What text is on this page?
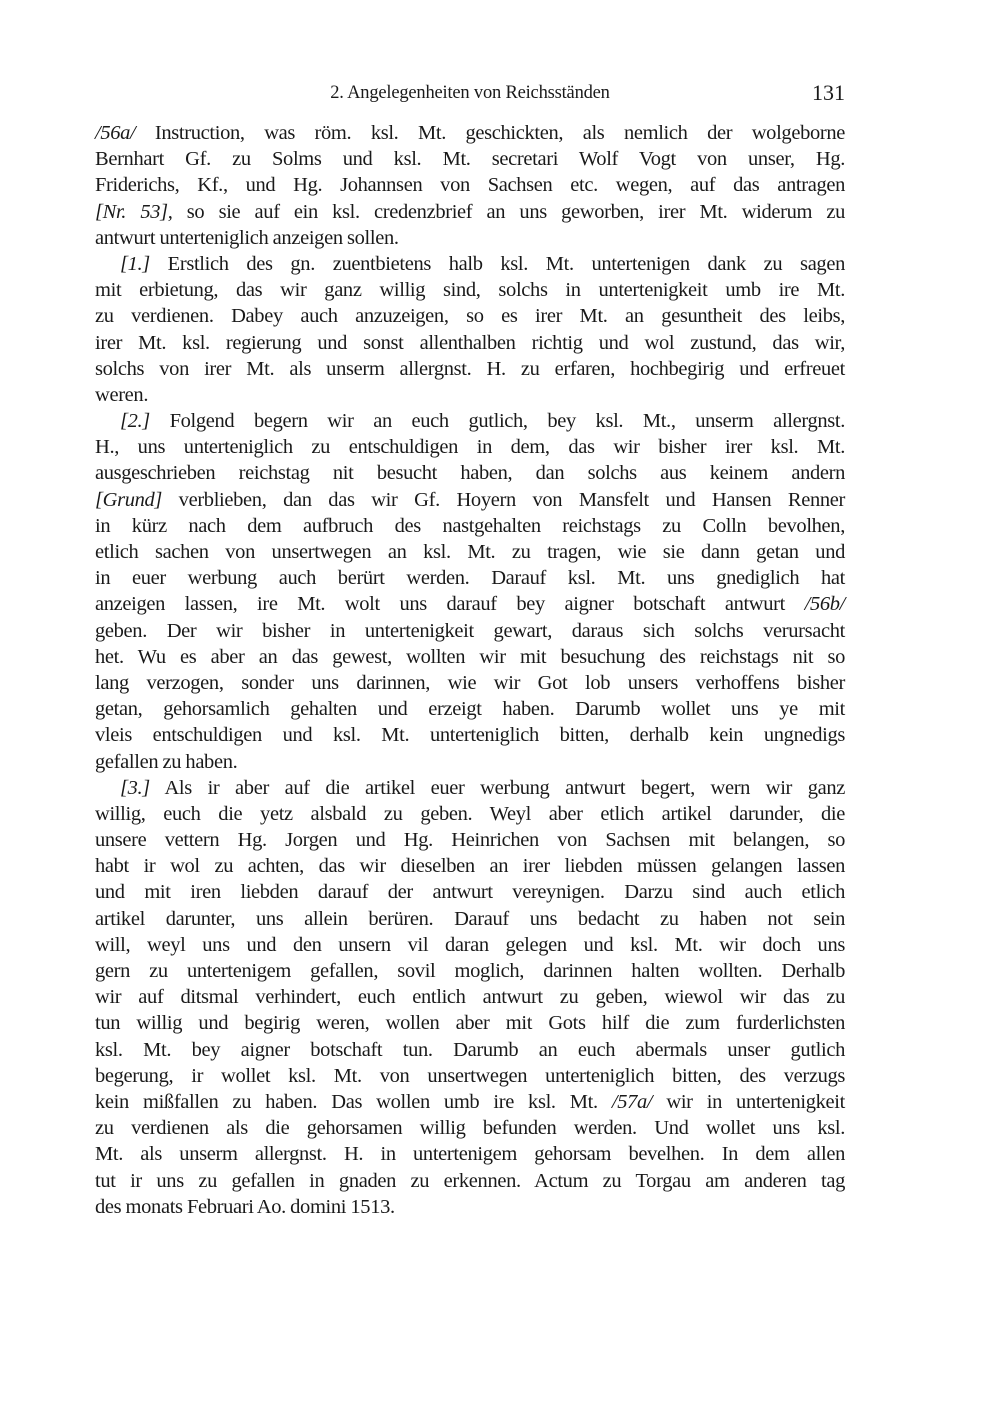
2. Angelegenheiten von Reichsständen	131
/56a/ Instruction, was röm. ksl. Mt. geschickten, als nemlich der wolgeborne
Bernhart Gf. zu Solms und ksl. Mt. secretari Wolf Vogt von unser, Hg.
Friderichs, Kf., und Hg. Johannsen von Sachsen etc. wegen, auf das antragen
[Nr. 53], so sie auf ein ksl. credenzbrief an uns geworben, irer Mt. widerum zu
antwurt unterteniglich anzeigen sollen.
[1.] Erstlich des gn. zuentbietens halb ksl. Mt. untertenigen dank zu sagen
mit erbietung, das wir ganz willig sind, solchs in untertenigkeit umb ire Mt.
zu verdienen. Dabey auch anzuzeigen, so es irer Mt. an gesuntheit des leibs,
irer Mt. ksl. regierung und sonst allenthalben richtig und wol zustund, das wir,
solchs von irer Mt. als unserm allergnst. H. zu erfaren, hochbegirig und erfreuet
weren.
[2.] Folgend begern wir an euch gutlich, bey ksl. Mt., unserm allergnst.
H., uns unterteniglich zu entschuldigen in dem, das wir bisher irer ksl. Mt.
ausgeschrieben reichstag nit besucht haben, dan solchs aus keinem andern
[Grund] verblieben, dan das wir Gf. Hoyern von Mansfelt und Hansen Renner
in kürz nach dem aufbruch des nastgehalten reichstags zu Colln bevolhen,
etlich sachen von unsertwegen an ksl. Mt. zu tragen, wie sie dann getan und
in euer werbung auch berürt werden. Darauf ksl. Mt. uns gnediglich hat
anzeigen lassen, ire Mt. wolt uns darauf bey aigner botschaft antwurt /56b/
geben. Der wir bisher in untertenigkeit gewart, daraus sich solchs verursacht
het. Wu es aber an das gewest, wollten wir mit besuchung des reichstags nit so
lang verzogen, sonder uns darinnen, wie wir Got lob unsers verhoffens bisher
getan, gehorsamlich gehalten und erzeigt haben. Darumb wollet uns ye mit
vleis entschuldigen und ksl. Mt. unterteniglich bitten, derhalb kein ungnedigs
gefallen zu haben.
[3.] Als ir aber auf die artikel euer werbung antwurt begert, wern wir ganz
willig, euch die yetz alsbald zu geben. Weyl aber etlich artikel darunder, die
unsere vettern Hg. Jorgen und Hg. Heinrichen von Sachsen mit belangen, so
habt ir wol zu achten, das wir dieselben an irer liebden müssen gelangen lassen
und mit iren liebden darauf der antwurt vereynigen. Darzu sind auch etlich
artikel darunter, uns allein berüren. Darauf uns bedacht zu haben not sein
will, weyl uns und den unsern vil daran gelegen und ksl. Mt. wir doch uns
gern zu untertenigem gefallen, sovil moglich, darinnen halten wollten. Derhalb
wir auf ditsmal verhindert, euch entlich antwurt zu geben, wiewol wir das zu
tun willig und begirig weren, wollen aber mit Gots hilf die zum furderlichsten
ksl. Mt. bey aigner botschaft tun. Darumb an euch abermals unser gutlich
begerung, ir wollet ksl. Mt. von unsertwegen unterteniglich bitten, des verzugs
kein mißfallen zu haben. Das wollen umb ire ksl. Mt. /57a/ wir in untertenigkeit
zu verdienen als die gehorsamen willig befunden werden. Und wollet uns ksl.
Mt. als unserm allergnst. H. in untertenigem gehorsam bevelhen. In dem allen
tut ir uns zu gefallen in gnaden zu erkennen. Actum zu Torgau am anderen tag
des monats Februari Ao. domini 1513.
